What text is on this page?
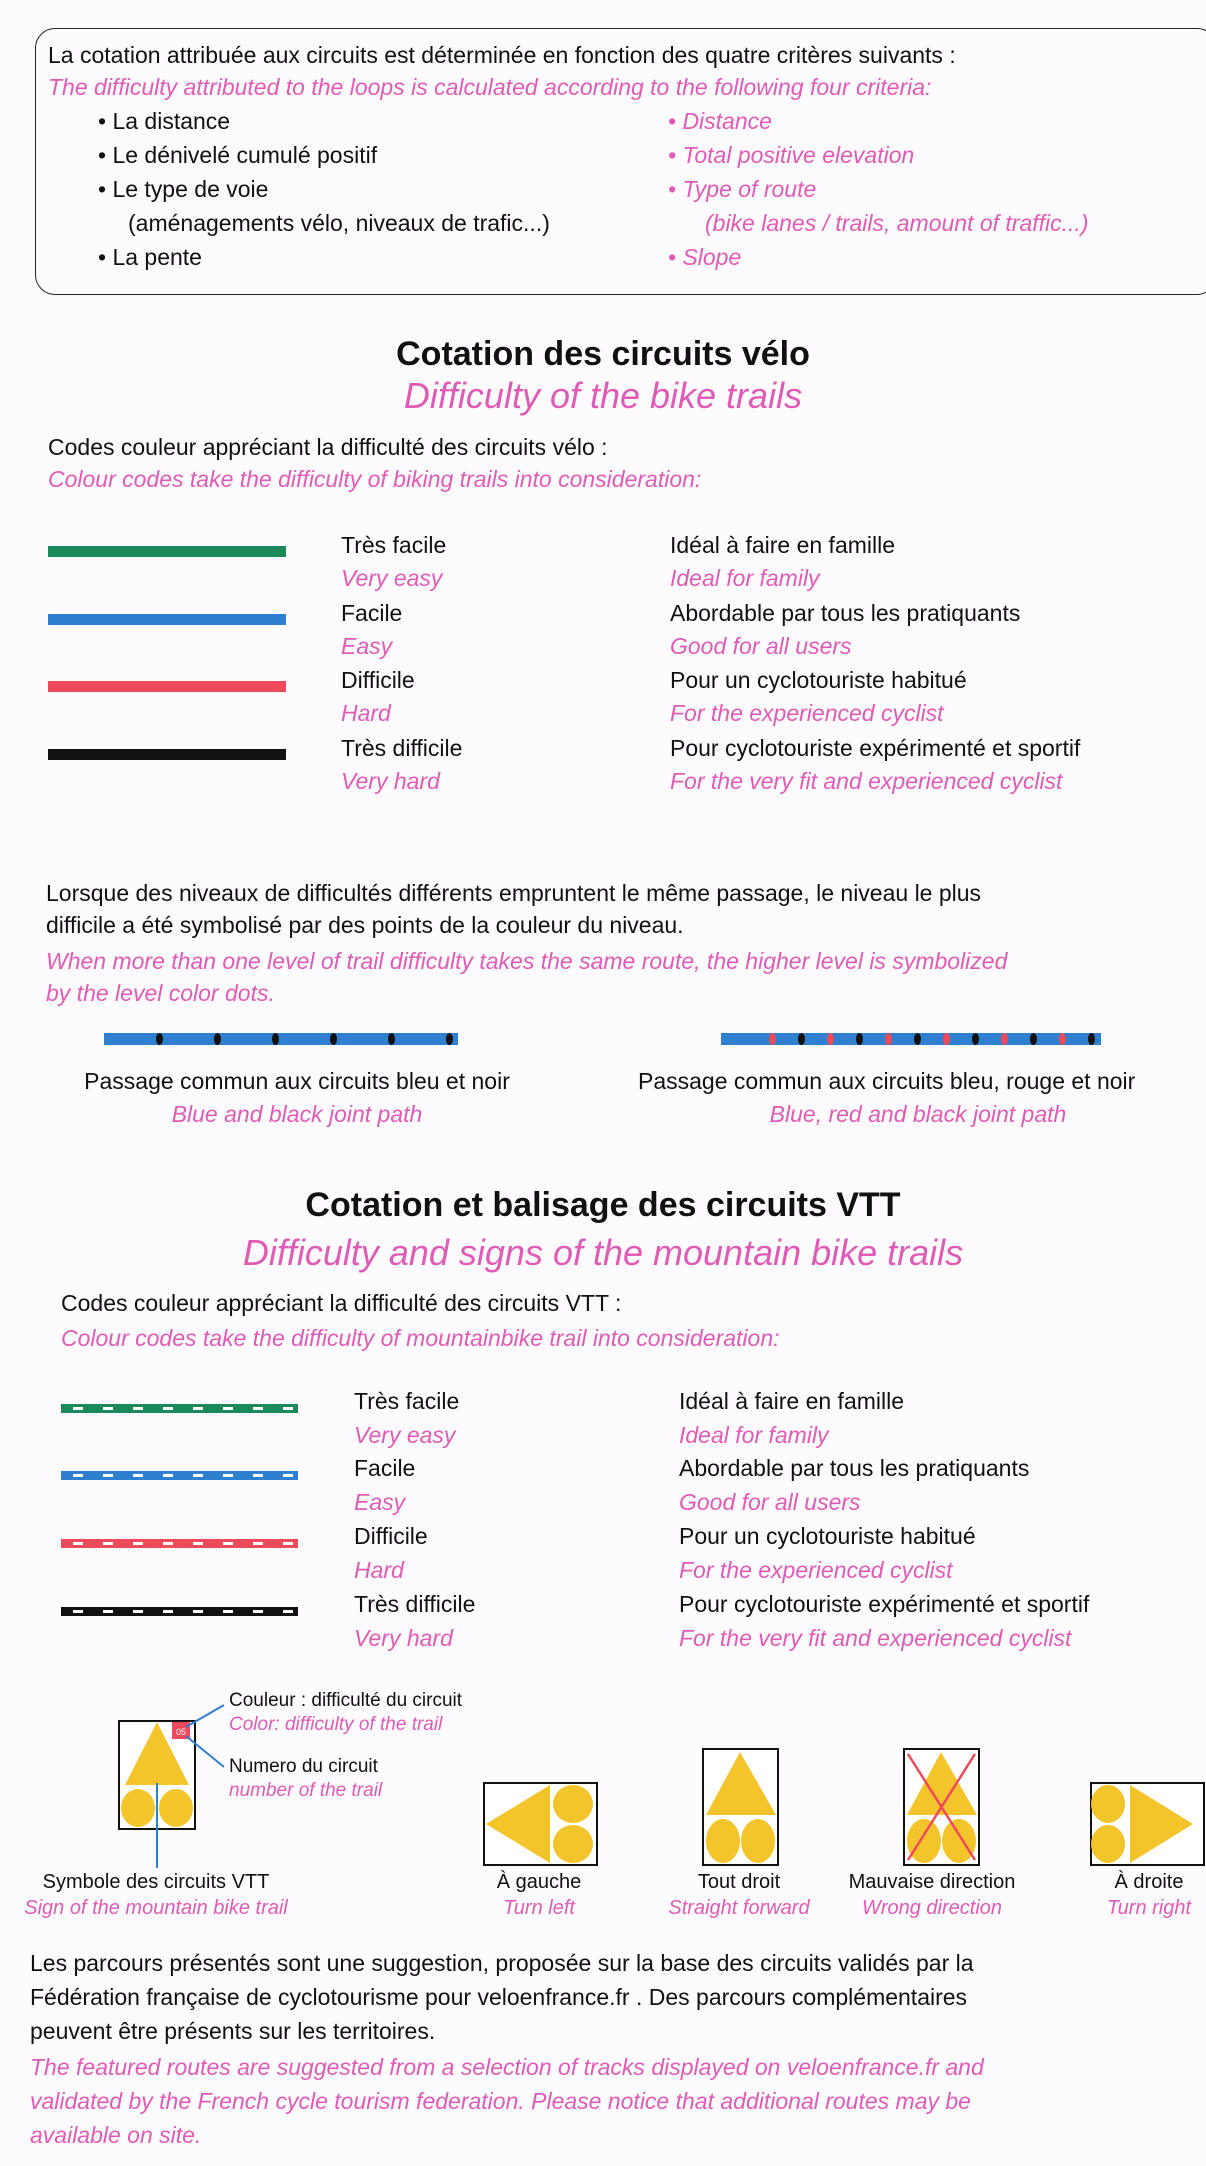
La cotation attribuée aux circuits est déterminée en fonction des quatre critères suivants :
The difficulty attributed to the loops is calculated according to the following four criteria:
• La distance
• Le dénivelé cumulé positif
• Le type de voie
(aménagements vélo, niveaux de trafic...)
• La pente
• Distance
• Total positive elevation
• Type of route
(bike lanes / trails, amount of traffic...)
• Slope
Cotation des circuits vélo
Difficulty of the bike trails
Codes couleur appréciant la difficulté des circuits vélo :
Colour codes take the difficulty of biking trails into consideration:
Très facile
Very easy
Idéal à faire en famille
Ideal for family
Facile
Easy
Abordable par tous les pratiquants
Good for all users
Difficile
Hard
Pour un cyclotouriste habitué
For the experienced cyclist
Très difficile
Very hard
Pour cyclotouriste expérimenté et sportif
For the very fit and experienced cyclist
Lorsque des niveaux de difficultés différents empruntent le même passage, le niveau le plus
difficile a été symbolisé par des points de la couleur du niveau.
When more than one level of trail difficulty takes the same route, the higher level is symbolized
by the level color dots.
Passage commun aux circuits bleu et noir
Blue and black joint path
Passage commun aux circuits bleu, rouge et noir
Blue, red and black joint path
Cotation et balisage des circuits VTT
Difficulty and signs of the mountain bike trails
Codes couleur appréciant la difficulté des circuits VTT :
Colour codes take the difficulty of mountainbike trail into consideration:
Très facile
Very easy
Idéal à faire en famille
Ideal for family
Facile
Easy
Abordable par tous les pratiquants
Good for all users
Difficile
Hard
Pour un cyclotouriste habitué
For the experienced cyclist
Très difficile
Very hard
Pour cyclotouriste expérimenté et sportif
For the very fit and experienced cyclist
05
Couleur : difficulté du circuit
Color: difficulty of the trail
Numero du circuit
number of the trail
Symbole des circuits VTT
Sign of the mountain bike trail
À gauche
Turn left
Tout droit
Straight forward
Mauvaise direction
Wrong direction
À droite
Turn right
Les parcours présentés sont une suggestion, proposée sur la base des circuits validés par la
Fédération française de cyclotourisme pour veloenfrance.fr . Des parcours complémentaires
peuvent être présents sur les territoires.
The featured routes are suggested from a selection of tracks displayed on veloenfrance.fr and
validated by the French cycle tourism federation. Please notice that additional routes may be
available on site.
